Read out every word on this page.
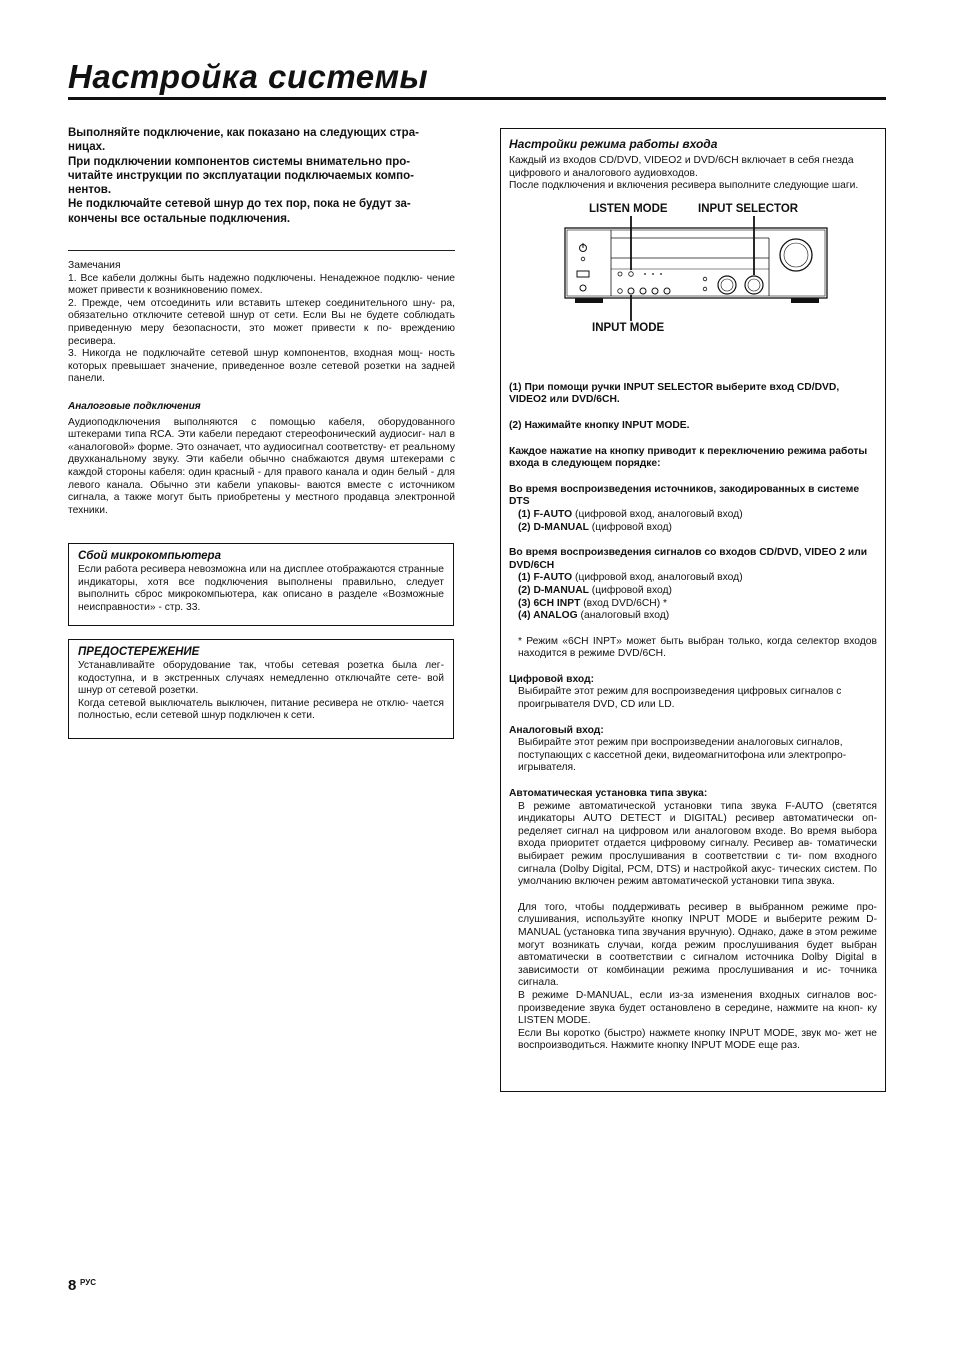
Настройка системы

Выполняйте подключение, как показано на следующих стра- ницах.

При подключении компонентов системы внимательно про- читайте инструкции по эксплуатации подключаемых компо- нентов.

Не подключайте сетевой шнур до тех пор, пока не будут за- кончены все остальные подключения.

Замечания
1. Все кабели должны быть надежно подключены. Ненадежное подклю- чение может привести к возникновению помех.
2. Прежде, чем отсоединить или вставить штекер соединительного шну- ра, обязательно отключите сетевой шнур от сети. Если Вы не будете соблюдать приведенную меру безопасности, это может привести к по- вреждению ресивера.
3. Никогда не подключайте сетевой шнур компонентов, входная мощ- ность которых превышает значение, приведенное возле сетевой розетки на задней панели.
Аналоговые подключения
Аудиоподключения выполняются с помощью кабеля, оборудованного штекерами типа RCA. Эти кабели передают стереофонический аудиосиг- нал в «аналоговой» форме. Это означает, что аудиосигнал соответству- ет реальному двухканальному звуку. Эти кабели обычно снабжаются двумя штекерами с каждой стороны кабеля: один красный - для правого канала и один белый - для левого канала. Обычно эти кабели упаковы- ваются вместе с источником сигнала, а также могут быть приобретены у местного продавца электронной техники.
Сбой микрокомпьютера
Если работа ресивера невозможна или на дисплее отображаются странные индикаторы, хотя все подключения выполнены правильно, следует выполнить сброс микрокомпьютера, как описано в разделе «Возможные неисправности» - стр. 33.
ПРЕДОСТЕРЕЖЕНИЕ
Устанавливайте оборудование так, чтобы сетевая розетка была лег- кодоступна, и в экстренных случаях немедленно отключайте сете- вой шнур от сетевой розетки.
Когда сетевой выключатель выключен, питание ресивера не отклю- чается полностью, если сетевой шнур подключен к сети.
Настройки режима работы входа

Каждый из входов CD/DVD, VIDEO2 и DVD/6CH включает в себя гнезда цифрового и аналогового аудиовходов.

После подключения и включения ресивера выполните следующие шаги.

LISTEN MODE	INPUT SELECTOR
INPUT MODE

(1) При помощи ручки INPUT SELECTOR выберите вход CD/DVD, VIDEO2 или DVD/6CH.

(2) Нажимайте кнопку INPUT MODE.

Каждое нажатие на кнопку приводит к переключению режима работы входа в следующем порядке:

Во время воспроизведения источников, закодированных в системе DTS

(1) F-AUTO (цифровой вход, аналоговый вход)

(2) D-MANUAL (цифровой вход)

Во время воспроизведения сигналов со входов CD/DVD, VIDEO 2 или DVD/6CH

(1) F-AUTO (цифровой вход, аналоговый вход)

(2) D-MANUAL (цифровой вход)

(3) 6CH INPT (вход DVD/6CH) *

(4) ANALOG (аналоговый вход)

* Режим «6CH INPT» может быть выбран только, когда селектор входов находится в режиме DVD/6CH.

Цифровой вход:

Выбирайте этот режим для воспроизведения цифровых сигналов с проигрывателя DVD, CD или LD.

Аналоговый вход:

Выбирайте этот режим при воспроизведении аналоговых сигналов, поступающих с кассетной деки, видеомагнитофона или электропро- игрывателя.

Автоматическая установка типа звука:

В режиме автоматической установки типа звука F-AUTO (светятся индикаторы AUTO DETECT и DIGITAL) ресивер автоматически оп- ределяет сигнал на цифровом или аналоговом входе. Во время выбора входа приоритет отдается цифровому сигналу. Ресивер ав- томатически выбирает режим прослушивания в соответствии с ти- пом входного сигнала (Dolby Digital, PCM, DTS) и настройкой акус- тических систем. По умолчанию включен режим автоматической установки типа звука.

Для того, чтобы поддерживать ресивер в выбранном режиме про- слушивания, используйте кнопку INPUT MODE и выберите режим D-MANUAL (установка типа звучания вручную). Однако, даже в этом режиме могут возникать случаи, когда режим прослушивания будет выбран автоматически в соответствии с сигналом источника Dolby Digital в зависимости от комбинации режима прослушивания и ис- точника сигнала.

В режиме D-MANUAL, если из-за изменения входных сигналов вос- произведение звука будет остановлено в середине, нажмите на кноп- ку LISTEN MODE.

Если Вы коротко (быстро) нажмете кнопку INPUT MODE, звук мо- жет не воспроизводиться. Нажмите кнопку INPUT MODE еще раз.

8 РУС
